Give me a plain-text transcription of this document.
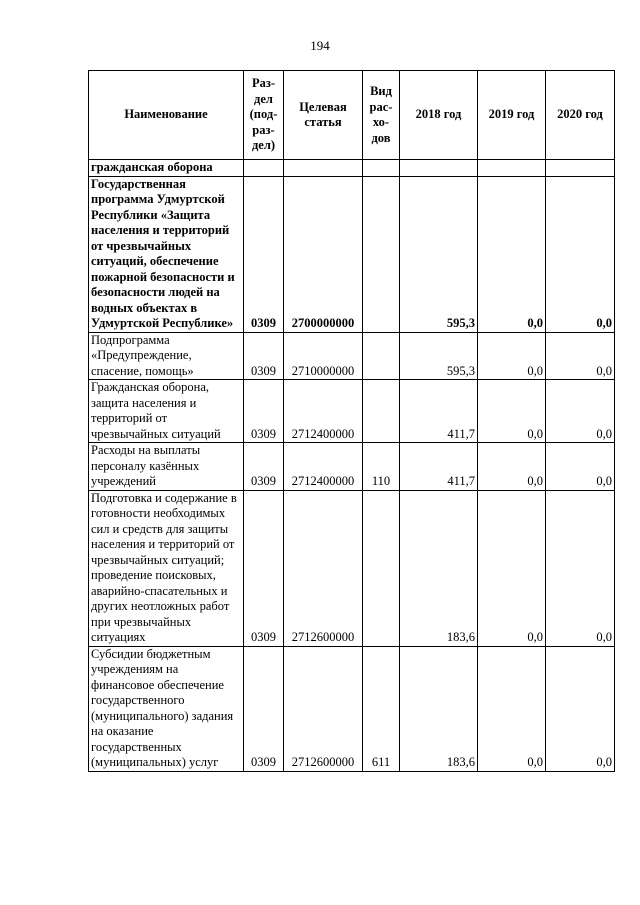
194
Наименование	Раз-
дел
(под-
раз-
дел)	Целевая
статья	Вид
рас-
хо-
дов	2018 год	2019 год	2020 год
гражданская оборона						
Государственная программа Удмуртской Республики «Защита населения и территорий от чрезвычайных ситуаций, обеспечение пожарной безопасности и безопасности людей на водных объектах в Удмуртской Республике»	0309	2700000000		595,3	0,0	0,0
Подпрограмма «Предупреждение, спасение, помощь»	0309	2710000000		595,3	0,0	0,0
Гражданская оборона, защита населения и территорий от чрезвычайных ситуаций	0309	2712400000		411,7	0,0	0,0
Расходы на выплаты персоналу казённых учреждений	0309	2712400000	110	411,7	0,0	0,0
Подготовка и содержание в готовности необходимых сил и средств для защиты населения и территорий от чрезвычайных ситуаций; проведение поисковых, аварийно-спасательных и других неотложных работ при чрезвычайных ситуациях	0309	2712600000		183,6	0,0	0,0
Субсидии бюджетным учреждениям на финансовое обеспечение государственного (муниципального) задания на оказание государственных (муниципальных) услуг	0309	2712600000	611	183,6	0,0	0,0
